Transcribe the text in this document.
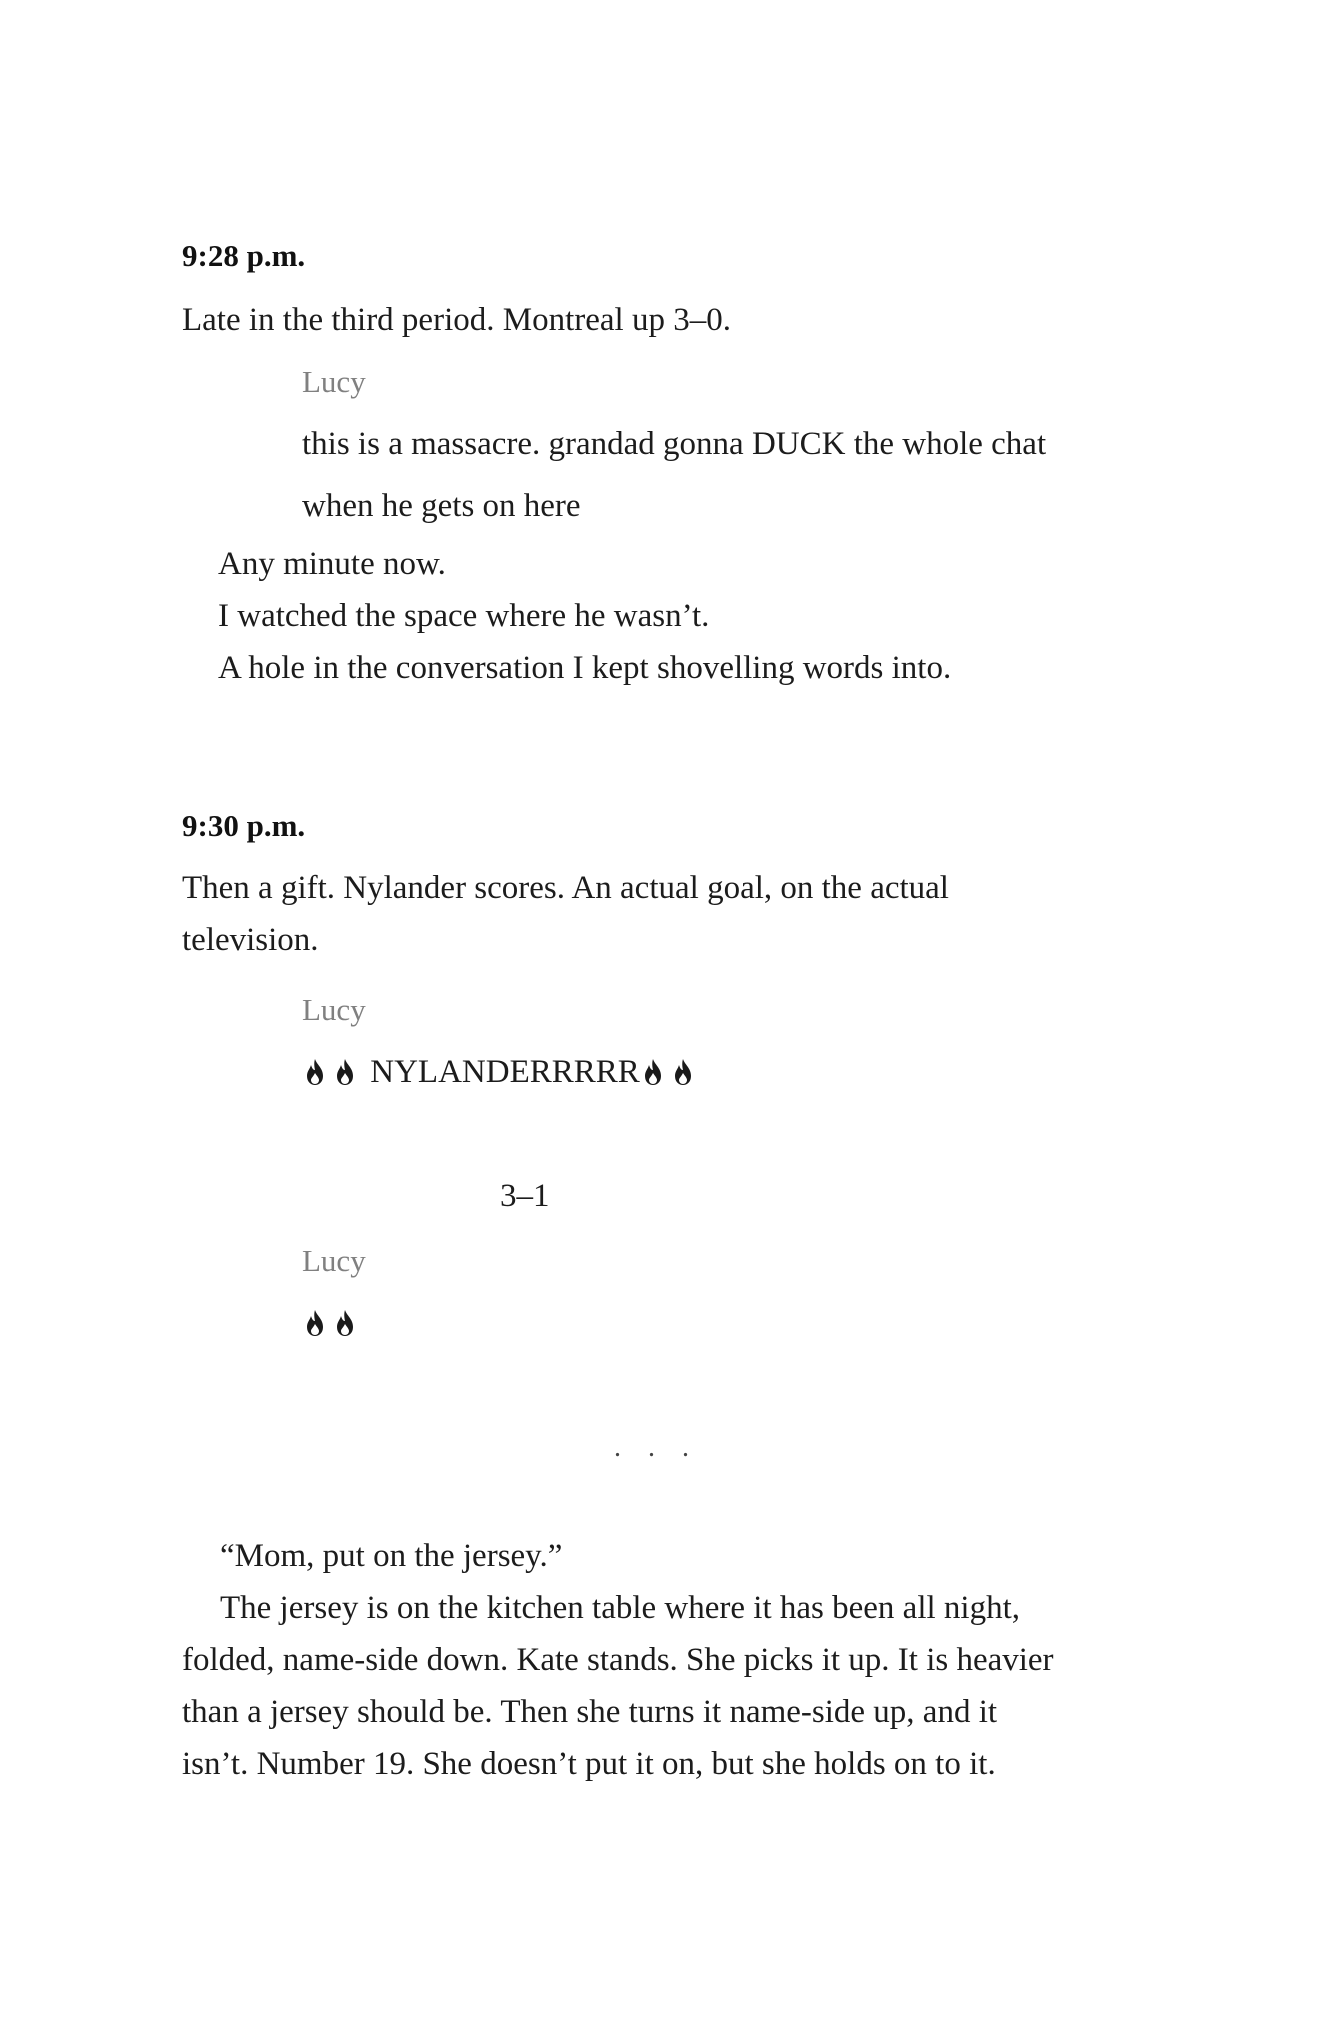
9:28 p.m.
Late in the third period. Montreal up 3–0.
Lucy
this is a massacre. grandad gonna DUCK the whole chat
when he gets on here
Any minute now.
I watched the space where he wasn’t.
A hole in the conversation I kept shovelling words into.
9:30 p.m.
Then a gift. Nylander scores. An actual goal, on the actual
television.
Lucy
NYLANDERRRRR
3–1
Lucy
. . .

“Mom, put on the jersey.”

The jersey is on the kitchen table where it has been all night,

folded, name-side down. Kate stands. She picks it up. It is heavier

than a jersey should be. Then she turns it name-side up, and it

isn’t. Number 19. She doesn’t put it on, but she holds on to it.
